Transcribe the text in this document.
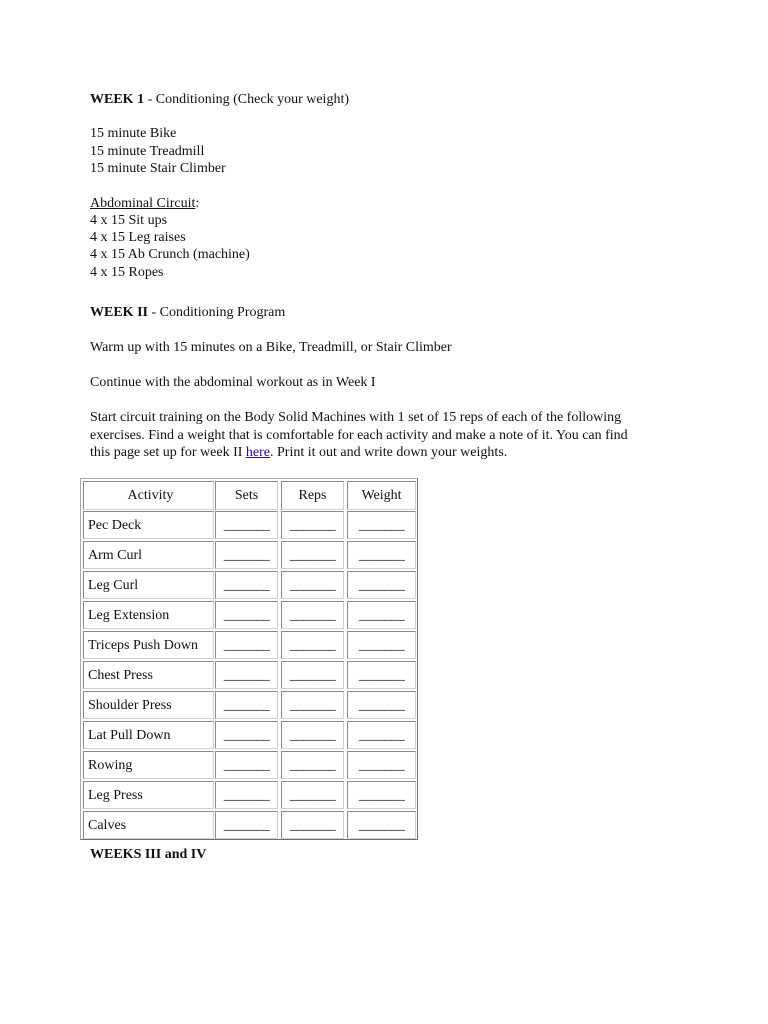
WEEK 1 - Conditioning (Check your weight)
15 minute Bike
15 minute Treadmill
15 minute Stair Climber
Abdominal Circuit:
4 x 15 Sit ups
4 x 15 Leg raises
4 x 15 Ab Crunch (machine)
4 x 15 Ropes
WEEK II - Conditioning Program
Warm up with 15 minutes on a Bike, Treadmill, or Stair Climber
Continue with the abdominal workout as in Week I
Start circuit training on the Body Solid Machines with 1 set of 15 reps of each of the following
exercises. Find a weight that is comfortable for each activity and make a note of it. You can find
this page set up for week II here. Print it out and write down your weights.
Activity	Sets	Reps	Weight
Pec Deck	_______	_______	_______
Arm Curl	_______	_______	_______
Leg Curl	_______	_______	_______
Leg Extension	_______	_______	_______
Triceps Push Down	_______	_______	_______
Chest Press	_______	_______	_______
Shoulder Press	_______	_______	_______
Lat Pull Down	_______	_______	_______
Rowing	_______	_______	_______
Leg Press	_______	_______	_______
Calves	_______	_______	_______
WEEKS III and IV
